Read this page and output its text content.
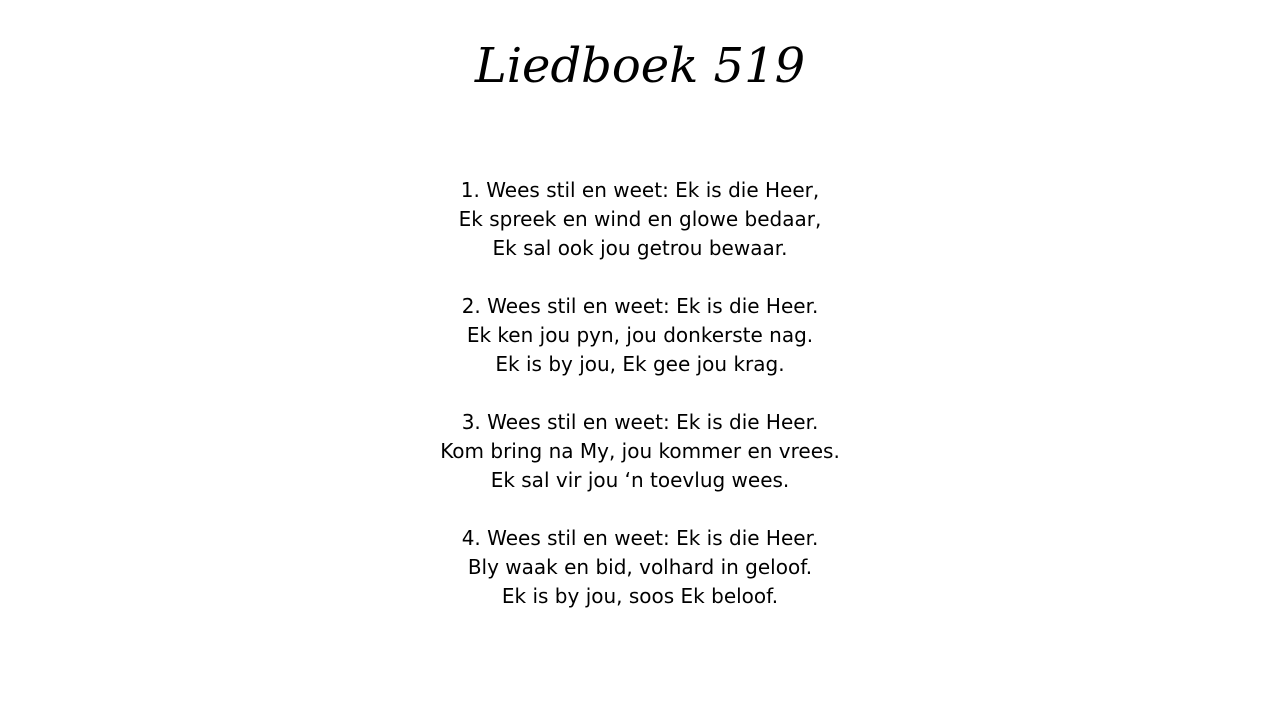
Liedboek 519
1. Wees stil en weet: Ek is die Heer,
Ek spreek en wind en glowe bedaar,
Ek sal ook jou getrou bewaar.
2. Wees stil en weet: Ek is die Heer.
Ek ken jou pyn, jou donkerste nag.
Ek is by jou, Ek gee jou krag.
3. Wees stil en weet: Ek is die Heer.
Kom bring na My, jou kommer en vrees.
Ek sal vir jou ‘n toevlug wees.
4. Wees stil en weet: Ek is die Heer.
Bly waak en bid, volhard in geloof.
Ek is by jou, soos Ek beloof.
